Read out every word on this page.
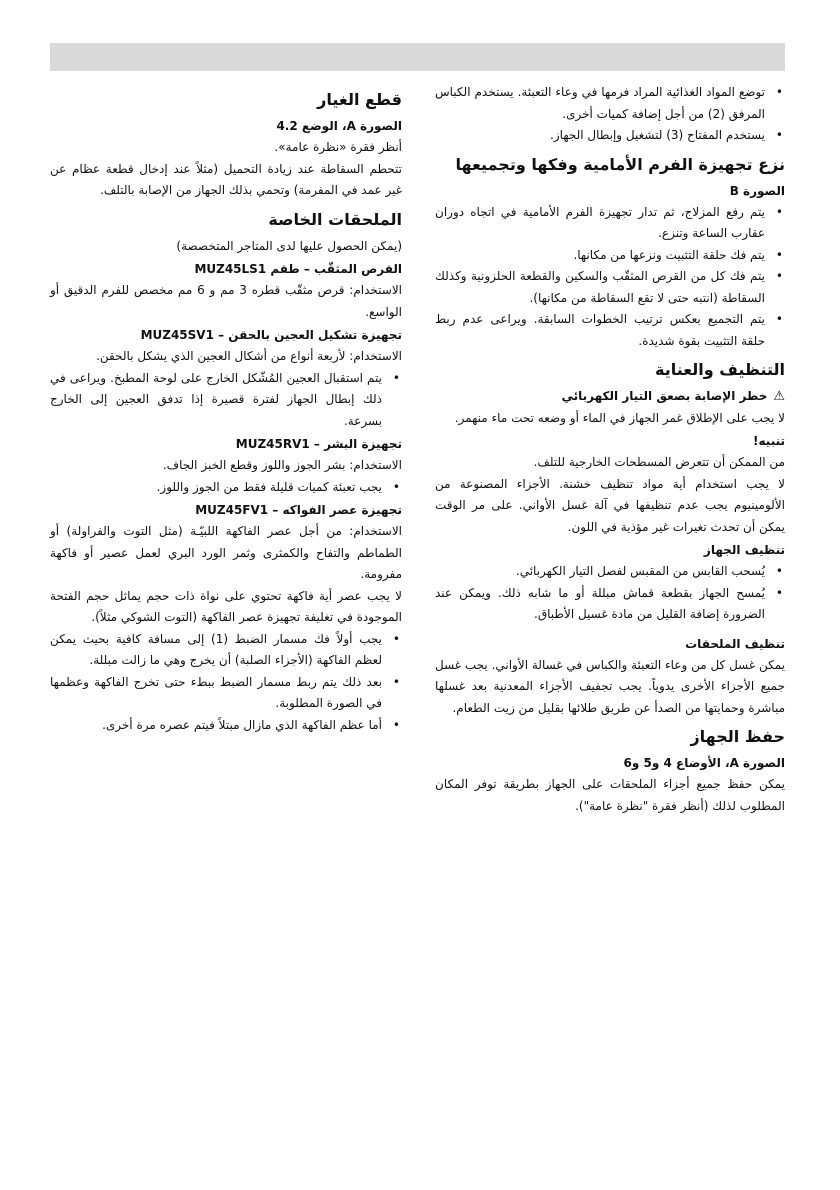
• توضع المواد الغذائية المراد فرمها في وعاء التعبئة. يستخدم الكباس المرفق (2) من أجل إضافة كميات أخرى.
• يستخدم المفتاح (3) لتشغيل وإبطال الجهاز.
نزع تجهيزة الفرم الأمامية وفكها وتجميعها
الصورة B
• يتم رفع المزلاج، ثم تدار تجهيزة الفرم الأمامية في اتجاه دوران عقارب الساعة وتنزع.
• يتم فك حلقة التثبيت ونزعها من مكانها.
• يتم فك كل من القرص المثقّب والسكين والقطعة الحلزونية وكذلك السقاطة (انتبه حتى لا تقع السقاطة من مكانها).
• يتم التجميع بعكس ترتيب الخطوات السابقة. ويراعى عدم ربط حلقة التثبيت بقوة شديدة.
التنظيف والعناية
⚠
خطر الإصابة بصعق التيار الكهربائي

لا يجب على الإطلاق غمر الجهاز في الماء أو وضعه تحت ماء منهمر.

تنبيه!

من الممكن أن تتعرض المسطحات الخارجية للتلف.

لا يجب استخدام أية مواد تنظيف خشنة. الأجزاء المصنوعة من الألومينيوم يجب عدم تنظيفها في آلة غسل الأواني. على مر الوقت يمكن أن تحدث تغيرات غير مؤذية في اللون.

تنظيف الجهاز
• يُسحب القابس من المقبس لفصل التيار الكهربائي.
• يُمسح الجهاز بقطعة قماش مبللة أو ما شابه ذلك. ويمكن عند الضرورة إضافة القليل من مادة غسيل الأطباق.
تنظيف الملحقات

يمكن غسل كل من وعاء التعبئة والكباس في غسالة الأواني. يجب غسل جميع الأجزاء الأخرى يدوياً. يجب تجفيف الأجزاء المعدنية بعد غسلها مباشرة وحمايتها من الصدأ عن طريق طلائها بقليل من زيت الطعام.

حفظ الجهاز
الصورة A، الأوضاع 4 و5 و6

يمكن حفظ جميع أجزاء الملحقات على الجهاز بطريقة توفر المكان المطلوب لذلك (أنظر فقرة "نظرة عامة").

قطع الغيار
الصورة A، الوضع 4.2

أنظر فقرة «نظرة عامة».

تتحطم السقاطة عند زيادة التحميل (مثلاً عند إدخال قطعة عظام عن غير عمد في المفرمة) وتحمي بذلك الجهاز من الإصابة بالتلف.

الملحقات الخاصة

(يمكن الحصول عليها لدى المتاجر المتخصصة)

القرص المثقّب – طقم MUZ45LS1

الاستخدام: قرص مثقّب قطره 3 مم و 6 مم مخصص للفرم الدقيق أو الواسع.

تجهيزة تشكيل العجين بالحقن – MUZ45SV1

الاستخدام: لأربعة أنواع من أشكال العجين الذي يشكل بالحقن.

• يتم استقبال العجين المُشّكل الخارج على لوحة المطبخ. ويراعى في ذلك إبطال الجهاز لفترة قصيرة إذا تدفق العجين إلى الخارج بسرعة.
تجهيزة البشر – MUZ45RV1

الاستخدام: بشر الجوز واللوز وقطع الخبز الجاف.

• يجب تعبئة كميات قليلة فقط من الجوز واللوز.
تجهيزة عصر الفواكه – MUZ45FV1

الاستخدام: من أجل عصر الفاكهة اللبيّـة (مثل التوت والفراولة) أو الطماطم والتفاح والكمثرى وثمر الورد البري لعمل عصير أو فاكهة مفرومة.

لا يجب عصر أية فاكهة تحتوي على نواة ذات حجم يماثل حجم الفتحة الموجودة في تغليفة تجهيزة عصر الفاكهة (التوت الشوكي مثلاً).

• يجب أولاً فك مسمار الضبط (1) إلى مسافة كافية بحيث يمكن لعظم الفاكهة (الأجزاء الصلبة) أن يخرج وهي ما زالت مبللة.
• بعد ذلك يتم ربط مسمار الضبط ببطء حتى تخرج الفاكهة وعظمها في الصورة المطلوبة.
• أما عظم الفاكهة الذي مازال مبتلاً فيتم عصره مرة أخرى.
